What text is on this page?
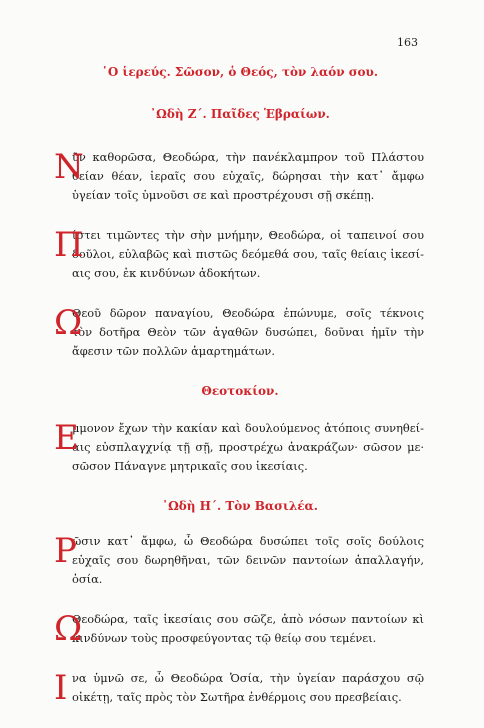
163

῾Ο ἱερεύς. Σῶσον, ὁ Θεός, τὸν λαόν σου.

᾿Ωδὴ Ζ΄. Παῖδες Ἑβραίων.

Ν
ῦν καθορῶσα, Θεοδώρα, τὴν πανέκλαμπρον τοῦ Πλάστου
θείαν θέαν, ἱεραῖς σου εὐχαῖς, δώρησαι τὴν κατ᾽ ἄμφω
ὑγείαν τοῖς ὑμνοῦσι σε καὶ προστρέχουσι σῇ σκέπῃ.
Π
ίστει τιμῶντες τὴν σὴν μνήμην, Θεοδώρα, οἱ ταπεινοί σου
δοῦλοι, εὐλαβῶς καὶ πιστῶς δεόμεθά σου, ταῖς θείαις ἱκεσί-
αις σου, ἐκ κινδύνων ἀδοκήτων.
Ω
Θεοῦ δῶρον παναγίου, Θεοδώρα ἐπώνυμε, σοῖς τέκνοις
τὸν δοτῆρα Θεὸν τῶν ἀγαθῶν δυσώπει, δοῦναι ἡμῖν τὴν
ἄφεσιν τῶν πολλῶν ἁμαρτημάτων.

Θεοτοκίον.

Ε
μμονον ἔχων τὴν κακίαν καὶ δουλούμενος ἀτόποις συνηθεί-
αις εὐσπλαγχνίᾳ τῇ σῇ, προστρέχω ἀνακράζων· σῶσον με·
σῶσον Πάναγνε μητρικαῖς σου ἱκεσίαις.

᾿Ωδὴ Η΄. Τὸν Βασιλέα.

Ρ
ῶσιν κατ᾽ ἄμφω, ὦ Θεοδώρα δυσώπει τοῖς σοῖς δούλοις
εὐχαῖς σου δωρηθῆναι, τῶν δεινῶν παντοίων ἀπαλλαγήν,
ὁσία.
Ω
Θεοδώρα, ταῖς ἱκεσίαις σου σῶζε, ἀπὸ νόσων παντοίων κὶ
κινδύνων τοὺς προσφεύγοντας τῷ θείῳ σου τεμένει.
Ι να ὑμνῶ σε, ὦ Θεοδώρα Ὁσία, τὴν ὑγείαν παράσχου σῷ
οἰκέτῃ, ταῖς πρὸς τὸν Σωτῆρα ἐνθέρμοις σου πρεσβείαις.
